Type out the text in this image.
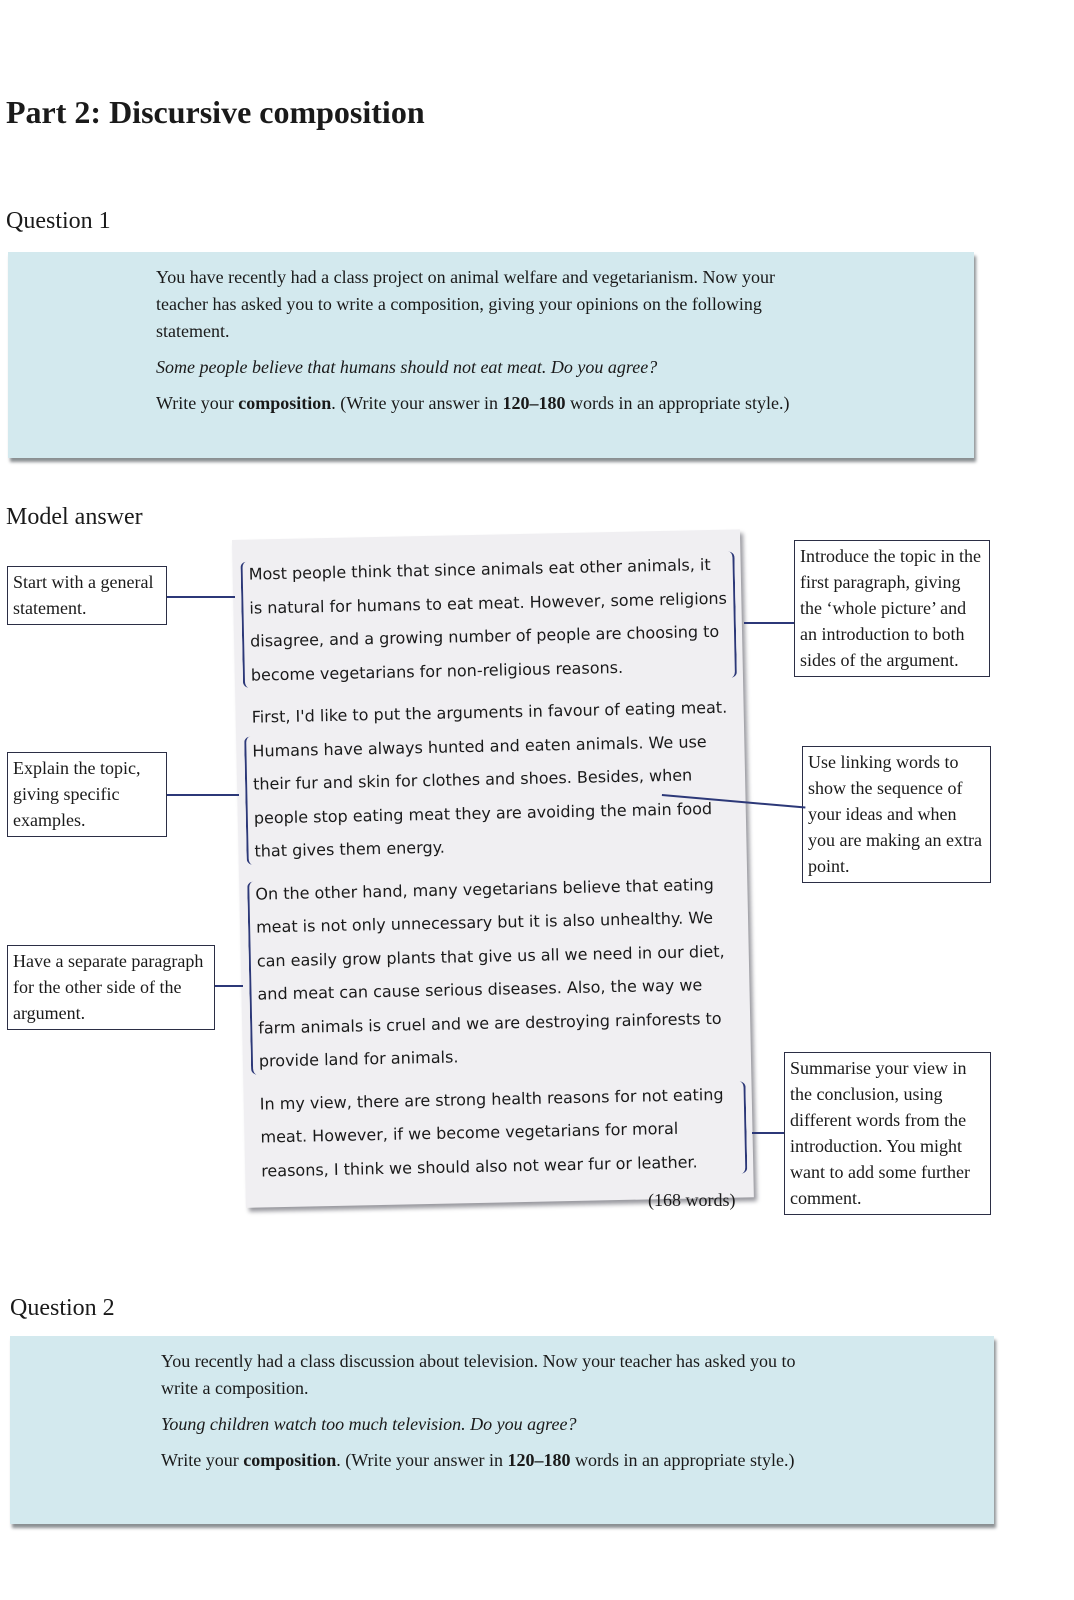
Part 2: Discursive composition
Question 1

You have recently had a class project on animal welfare and vegetarianism. Now your teacher has asked you to write a composition, giving your opinions on the following statement.

Some people believe that humans should not eat meat. Do you agree?

Write your composition. (Write your answer in 120–180 words in an appropriate style.)

Model answer

Most people think that since animals eat other animals, it is natural for humans to eat meat. However, some religions disagree, and a growing number of people are choosing to become vegetarians for non-religious reasons.

First, I'd like to put the arguments in favour of eating meat. Humans have always hunted and eaten animals. We use their fur and skin for clothes and shoes. Besides, when people stop eating meat they are avoiding the main food that gives them energy.

On the other hand, many vegetarians believe that eating meat is not only unnecessary but it is also unhealthy. We can easily grow plants that give us all we need in our diet, and meat can cause serious diseases. Also, the way we farm animals is cruel and we are destroying rainforests to provide land for animals.

In my view, there are strong health reasons for not eating meat. However, if we become vegetarians for moral reasons, I think we should also not wear fur or leather.

(168 words)
Start with a general statement.
Explain the topic, giving specific examples.
Have a separate paragraph for the other side of the argument.
Introduce the topic in the first paragraph, giving the ‘whole picture’ and an introduction to both sides of the argument.
Use linking words to show the sequence of your ideas and when you are making an extra point.
Summarise your view in the conclusion, using different words from the introduction. You might want to add some further comment.
Question 2

You recently had a class discussion about television. Now your teacher has asked you to write a composition.

Young children watch too much television. Do you agree?

Write your composition. (Write your answer in 120–180 words in an appropriate style.)
